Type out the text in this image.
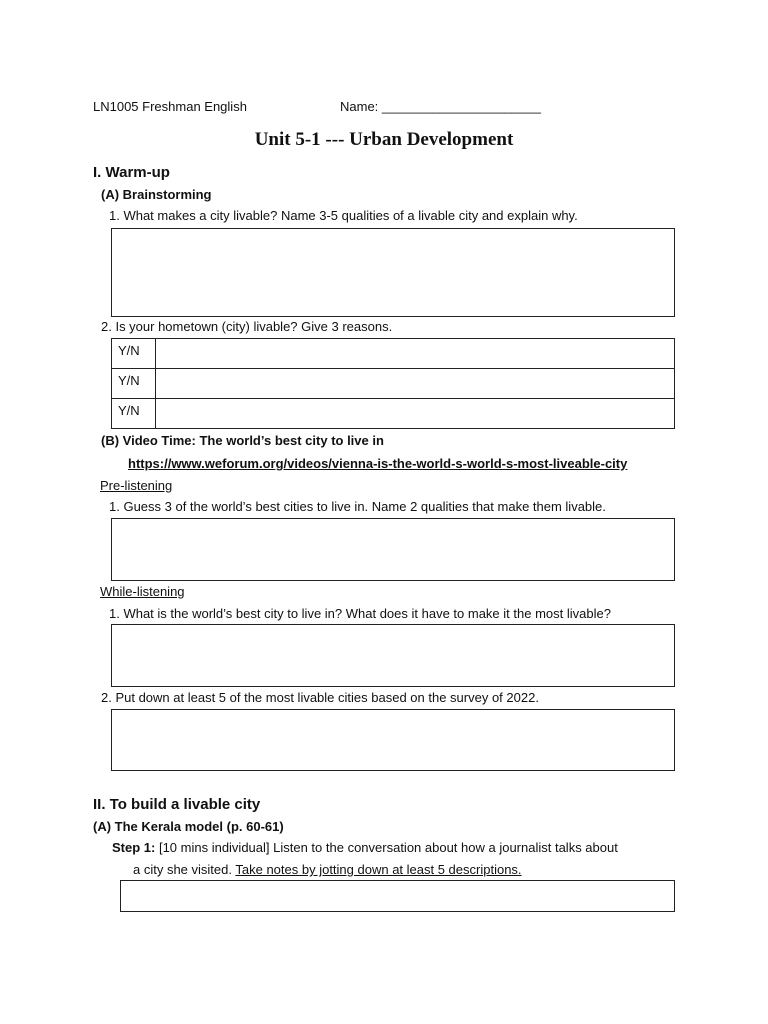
LN1005 Freshman English	Name: ______________________
Unit 5-1 --- Urban Development
I. Warm-up
(A) Brainstorming
1. What makes a city livable? Name 3-5 qualities of a livable city and explain why.
2. Is your hometown (city) livable? Give 3 reasons.
Y/N	
Y/N	
Y/N	
(B) Video Time: The world’s best city to live in
https://www.weforum.org/videos/vienna-is-the-world-s-world-s-most-liveable-city
Pre-listening
1. Guess 3 of the world’s best cities to live in. Name 2 qualities that make them livable.
While-listening
1. What is the world’s best city to live in? What does it have to make it the most livable?
2. Put down at least 5 of the most livable cities based on the survey of 2022.
II. To build a livable city
(A) The Kerala model (p. 60-61)
Step 1: [10 mins individual] Listen to the conversation about how a journalist talks about
a city she visited. Take notes by jotting down at least 5 descriptions.
